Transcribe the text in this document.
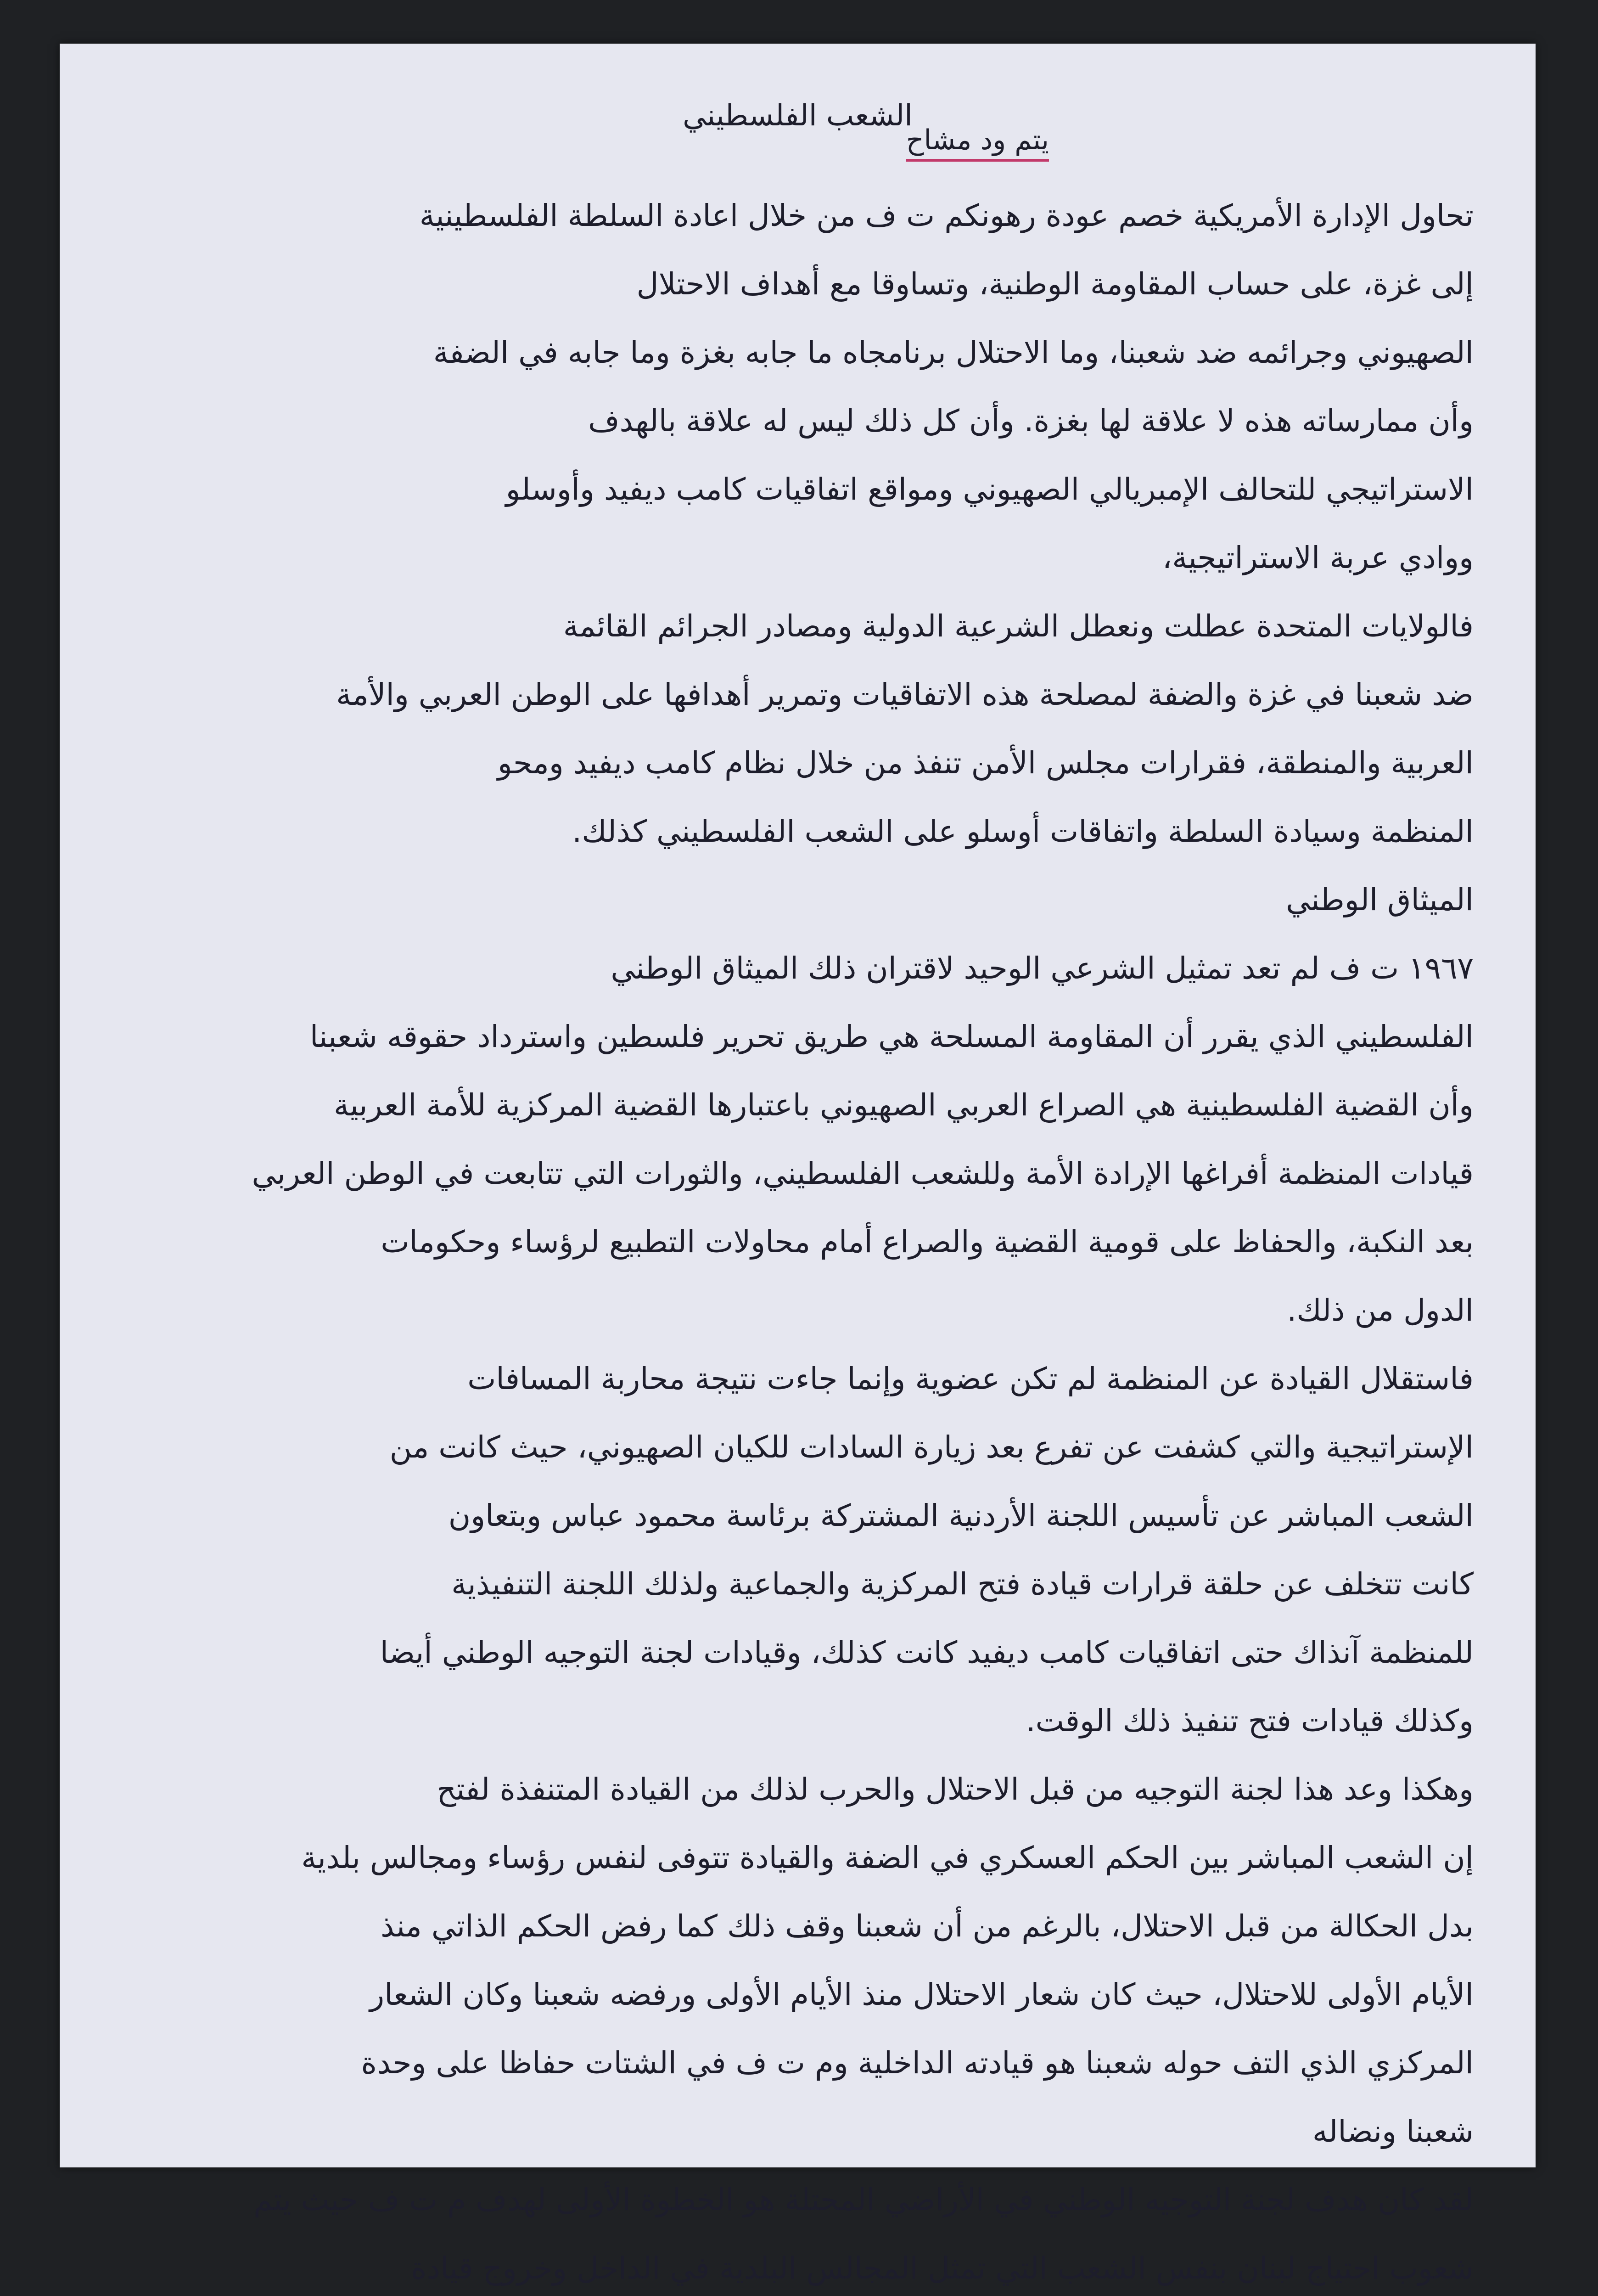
الشعب الفلسطيني
يتم ود مشاح
تحاول الإدارة الأمريكية خصم عودة رهونكم ت ف من خلال اعادة السلطة الفلسطينية
إلى غزة، على حساب المقاومة الوطنية، وتساوقا مع أهداف الاحتلال
الصهيوني وجرائمه ضد شعبنا، وما الاحتلال برنامجاه ما جابه بغزة وما جابه في الضفة
وأن ممارساته هذه لا علاقة لها بغزة. وأن كل ذلك ليس له علاقة بالهدف
الاستراتيجي للتحالف الإمبريالي الصهيوني ومواقع اتفاقيات كامب ديفيد وأوسلو
ووادي عربة الاستراتيجية،
فالولايات المتحدة عطلت ونعطل الشرعية الدولية ومصادر الجرائم القائمة
ضد شعبنا في غزة والضفة لمصلحة هذه الاتفاقيات وتمرير أهدافها على الوطن العربي والأمة
العربية والمنطقة، فقرارات مجلس الأمن تنفذ من خلال نظام كامب ديفيد ومحو
المنظمة وسيادة السلطة واتفاقات أوسلو على الشعب الفلسطيني كذلك.
الميثاق الوطني
١٩٦٧ ت ف لم تعد تمثيل الشرعي الوحيد لاقتران ذلك الميثاق الوطني
الفلسطيني الذي يقرر أن المقاومة المسلحة هي طريق تحرير فلسطين واسترداد حقوقه شعبنا
وأن القضية الفلسطينية هي الصراع العربي الصهيوني باعتبارها القضية المركزية للأمة العربية
قيادات المنظمة أفراغها الإرادة الأمة وللشعب الفلسطيني، والثورات التي تتابعت في الوطن العربي
بعد النكبة، والحفاظ على قومية القضية والصراع أمام محاولات التطبيع لرؤساء وحكومات
الدول من ذلك.
فاستقلال القيادة عن المنظمة لم تكن عضوية وإنما جاءت نتيجة محاربة المسافات
الإستراتيجية والتي كشفت عن تفرع بعد زيارة السادات للكيان الصهيوني، حيث كانت من
الشعب المباشر عن تأسيس اللجنة الأردنية المشتركة برئاسة محمود عباس وبتعاون
كانت تتخلف عن حلقة قرارات قيادة فتح المركزية والجماعية ولذلك اللجنة التنفيذية
للمنظمة آنذاك حتى اتفاقيات كامب ديفيد كانت كذلك، وقيادات لجنة التوجيه الوطني أيضا
وكذلك قيادات فتح تنفيذ ذلك الوقت.
وهكذا وعد هذا لجنة التوجيه من قبل الاحتلال والحرب لذلك من القيادة المتنفذة لفتح
إن الشعب المباشر بين الحكم العسكري في الضفة والقيادة تتوفى لنفس رؤساء ومجالس بلدية
بدل الحكالة من قبل الاحتلال، بالرغم من أن شعبنا وقف ذلك كما رفض الحكم الذاتي منذ
الأيام الأولى للاحتلال، حيث كان شعار الاحتلال منذ الأيام الأولى ورفضه شعبنا وكان الشعار
المركزي الذي التف حوله شعبنا هو قيادته الداخلية وم ت ف في الشتات حفاظا على وحدة
شعبنا ونضاله
لقد كان هدف لجنة التوجيه الوطني في الأراضي المحتلة هو الخطوة الأولى لهدف م ت ف حيث يتم
شعوب احتياج لبنان بنفس الشعب التي تمثل المجالس البلدية في الداخل وخروج قيادة
